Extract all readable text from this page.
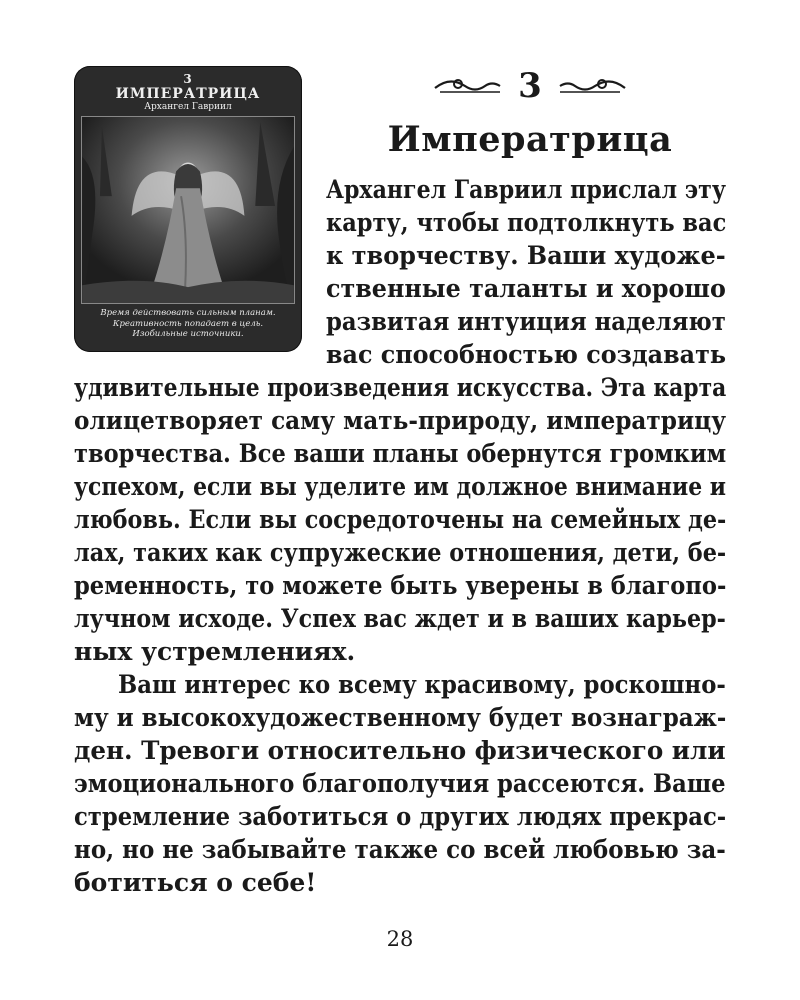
3
ИМПЕРАТРИЦА
Архангел Гавриил
Время действовать сильным планам.
Креативность попадает в цель.
Изобильные источники.
3
Императрица
Архангел Гавриил прислал эту
карту, чтобы подтолкнуть вас
к творчеству. Ваши художе-
ственные таланты и хорошо
развитая интуиция наделяют
вас способностью создавать
удивительные произведения искусства. Эта карта
олицетворяет саму мать-природу, императрицу
творчества. Все ваши планы обернутся громким
успехом, если вы уделите им должное внимание и
любовь. Если вы сосредоточены на семейных де-
лах, таких как супружеские отношения, дети, бе-
ременность, то можете быть уверены в благопо-
лучном исходе. Успех вас ждет и в ваших карьер-
ных устремлениях.
Ваш интерес ко всему красивому, роскошно-
му и высокохудожественному будет вознаграж-
ден. Тревоги относительно физического или
эмоционального благополучия рассеются. Ваше
стремление заботиться о других людях прекрас-
но, но не забывайте также со всей любовью за-
ботиться о себе!
28
